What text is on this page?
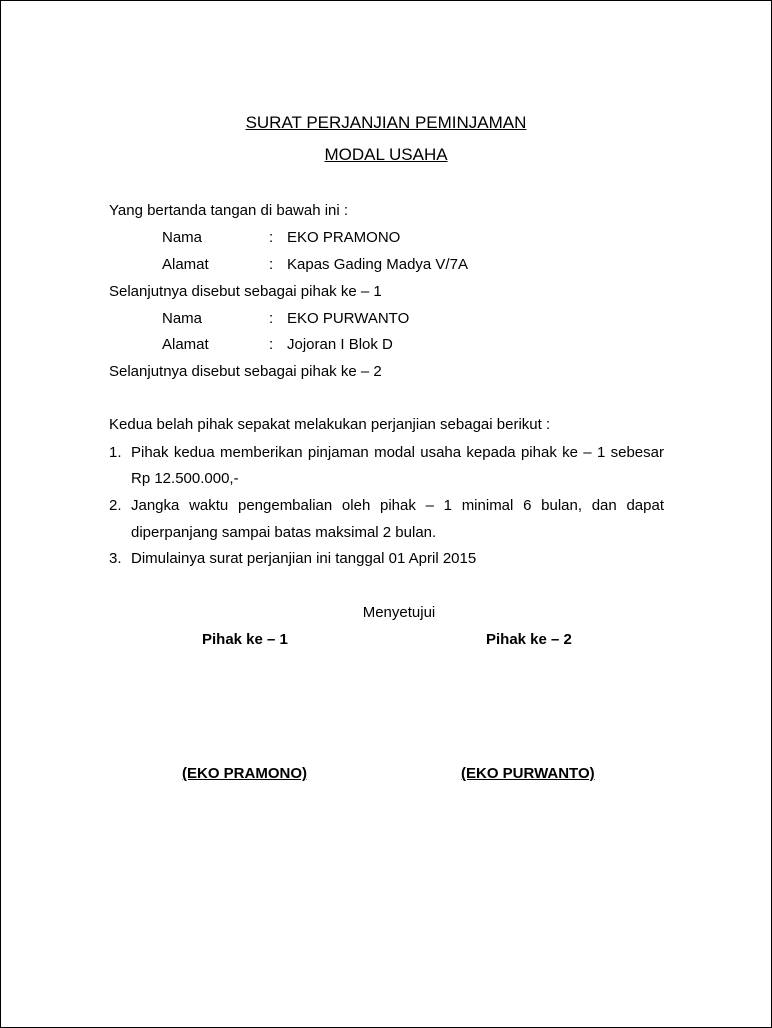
SURAT PERJANJIAN PEMINJAMAN
MODAL USAHA
Yang bertanda tangan di bawah ini :
Nama	: EKO PRAMONO
Alamat	: Kapas Gading Madya V/7A
Selanjutnya disebut sebagai pihak ke – 1
Nama	: EKO PURWANTO
Alamat	: Jojoran I Blok D
Selanjutnya disebut sebagai pihak ke – 2
Kedua belah pihak sepakat melakukan perjanjian sebagai berikut :
1. Pihak kedua memberikan pinjaman modal usaha kepada pihak ke – 1 sebesar
Rp 12.500.000,-
2. Jangka waktu pengembalian oleh pihak – 1 minimal 6 bulan, dan dapat
diperpanjang sampai batas maksimal 2 bulan.
3. Dimulainya surat perjanjian ini tanggal 01 April 2015
Menyetujui
Pihak ke – 1	Pihak ke – 2
(EKO PRAMONO)	(EKO PURWANTO)
